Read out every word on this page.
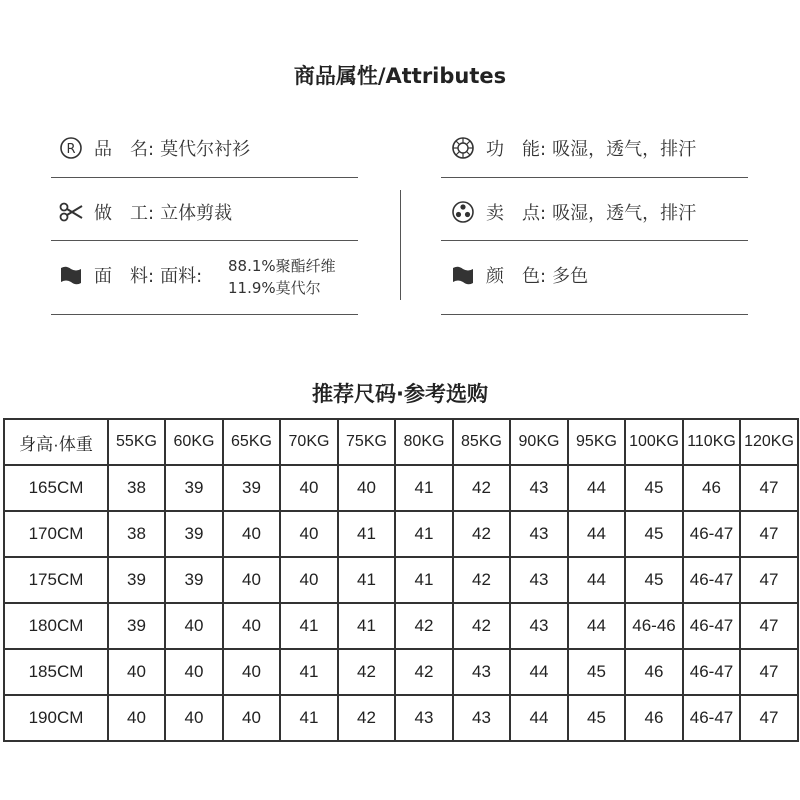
商品属性/Attributes
R 品　名: 莫代尔衬衫	功　能: 吸湿，透气，排汗
做　工: 立体剪裁	卖　点: 吸湿，透气，排汗
面　料: 面料: 88.1%聚酯纤维
11.9%莫代尔
颜　色: 多色
推荐尺码·参考选购
身高·体重	55KG	60KG	65KG	70KG	75KG	80KG	85KG	90KG	95KG	100KG	110KG	120KG
165CM	38	39	39	40	40	41	42	43	44	45	46	47
170CM	38	39	40	40	41	41	42	43	44	45	46-47	47
175CM	39	39	40	40	41	41	42	43	44	45	46-47	47
180CM	39	40	40	41	41	42	42	43	44	46-46	46-47	47
185CM	40	40	40	41	42	42	43	44	45	46	46-47	47
190CM	40	40	40	41	42	43	43	44	45	46	46-47	47
